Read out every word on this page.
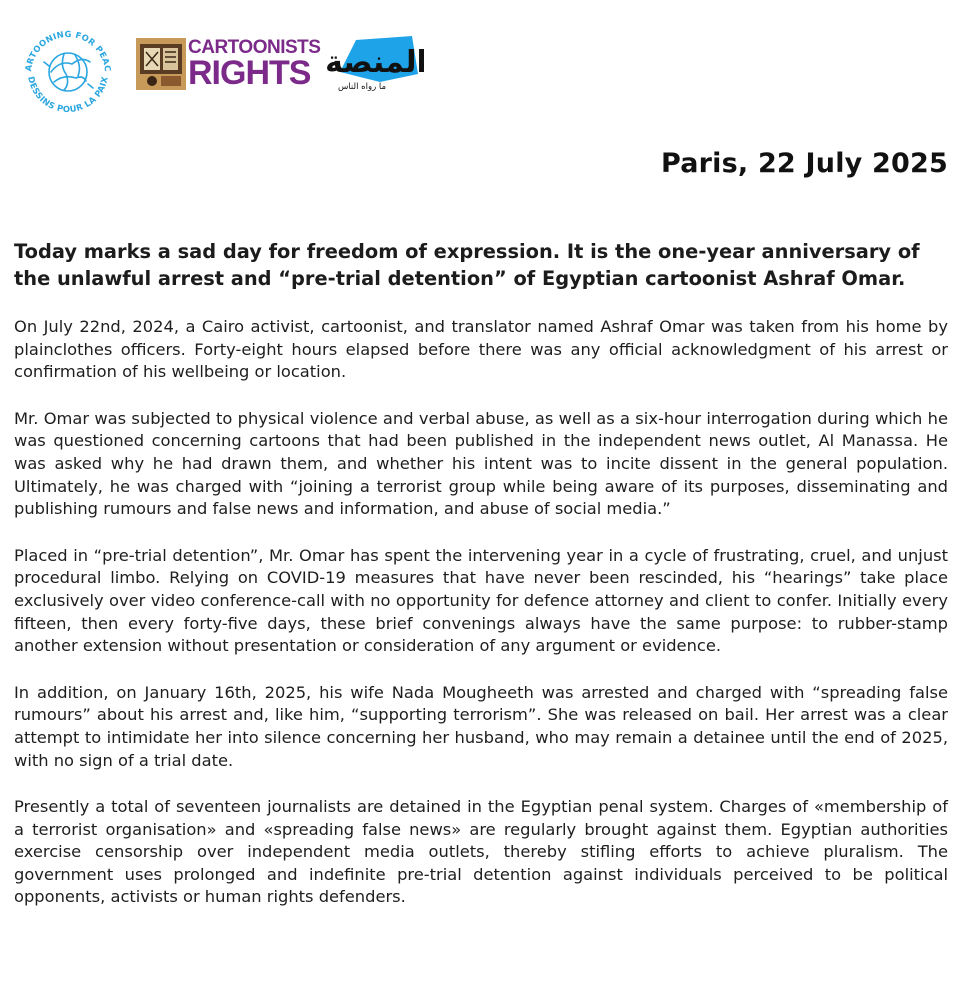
ARTOONING FOR PEAC
DESSINS POUR LA PAIX
CARTOONISTS
RIGHTS المنصة
ما رواه الناس
Paris, 22 July 2025
Today marks a sad day for freedom of expression. It is the one-year anniversary of the unlawful arrest and “pre-trial detention” of Egyptian cartoonist Ashraf Omar.

On July 22nd, 2024, a Cairo activist, cartoonist, and translator named Ashraf Omar was taken from his home by plainclothes officers. Forty-eight hours elapsed before there was any official acknowledgment of his arrest or confirmation of his wellbeing or location.

Mr. Omar was subjected to physical violence and verbal abuse, as well as a six-hour interrogation during which he was questioned concerning cartoons that had been published in the independent news outlet, Al Manassa. He was asked why he had drawn them, and whether his intent was to incite dissent in the general population. Ultimately, he was charged with “joining a terrorist group while being aware of its purposes, disseminating and publishing rumours and false news and information, and abuse of social media.”

Placed in “pre-trial detention”, Mr. Omar has spent the intervening year in a cycle of frustrating, cruel, and unjust procedural limbo. Relying on COVID-19 measures that have never been rescinded, his “hearings” take place exclusively over video conference-call with no opportunity for defence attorney and client to confer. Initially every fifteen, then every forty-five days, these brief convenings always have the same purpose: to rubber-stamp another extension without presentation or consideration of any argument or evidence.

In addition, on January 16th, 2025, his wife Nada Mougheeth was arrested and charged with “spreading false rumours” about his arrest and, like him, “supporting terrorism”. She was released on bail. Her arrest was a clear attempt to intimidate her into silence concerning her husband, who may remain a detainee until the end of 2025, with no sign of a trial date.

Presently a total of seventeen journalists are detained in the Egyptian penal system. Charges of «membership of a terrorist organisation» and «spreading false news» are regularly brought against them. Egyptian authorities exercise censorship over independent media outlets, thereby stifling efforts to achieve pluralism. The government uses prolonged and indefinite pre-trial detention against individuals perceived to be political opponents, activists or human rights defenders.
